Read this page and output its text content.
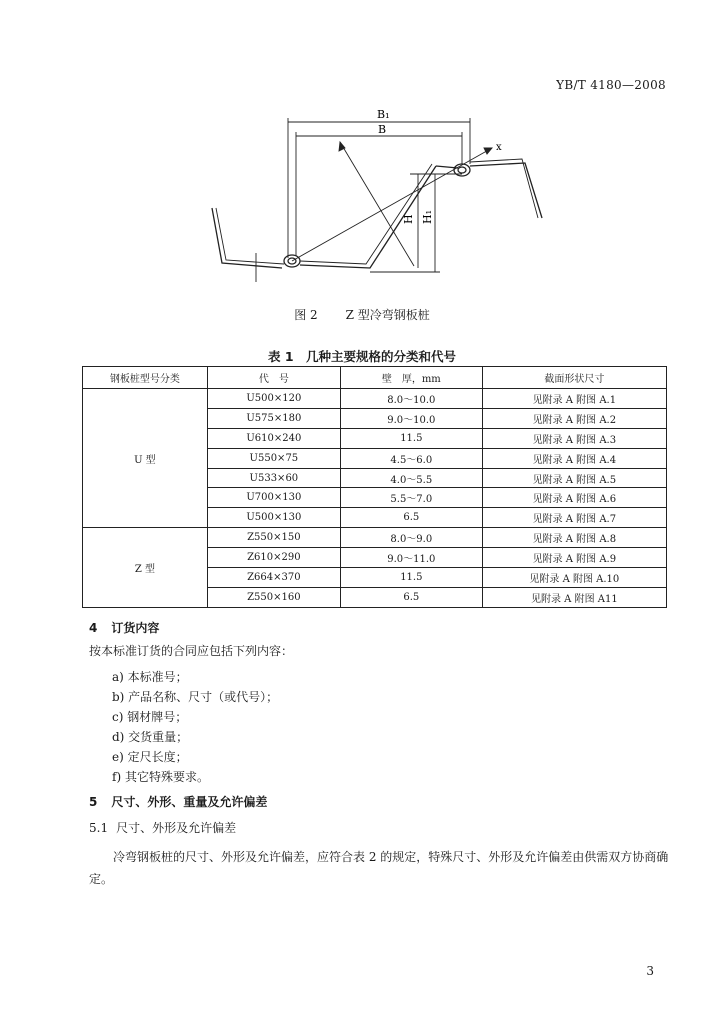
YB/T 4180—2008
B₁
B
x
H H₁
图 2 Z 型冷弯钢板桩
表 1　几种主要规格的分类和代号
钢板桩型号分类	代　号	壁　厚，mm	截面形状尺寸
U 型	U500×120	8.0～10.0	见附录 A 附图 A.1
	U575×180	9.0～10.0	见附录 A 附图 A.2
	U610×240	11.5	见附录 A 附图 A.3
	U550×75	4.5～6.0	见附录 A 附图 A.4
	U533×60	4.0～5.5	见附录 A 附图 A.5
	U700×130	5.5～7.0	见附录 A 附图 A.6
	U500×130	6.5	见附录 A 附图 A.7
Z 型	Z550×150	8.0～9.0	见附录 A 附图 A.8
	Z610×290	9.0～11.0	见附录 A 附图 A.9
	Z664×370	11.5	见附录 A 附图 A.10
	Z550×160	6.5	见附录 A 附图 A11
4 订货内容
按本标准订货的合同应包括下列内容：
a) 本标准号；
b) 产品名称、尺寸（或代号）；
c) 钢材牌号；
d) 交货重量；
e) 定尺长度；
f) 其它特殊要求。
5 尺寸、外形、重量及允许偏差
5.1 尺寸、外形及允许偏差
冷弯钢板桩的尺寸、外形及允许偏差，应符合表 2 的规定，特殊尺寸、外形及允许偏差由供需双方协商确定。
3
